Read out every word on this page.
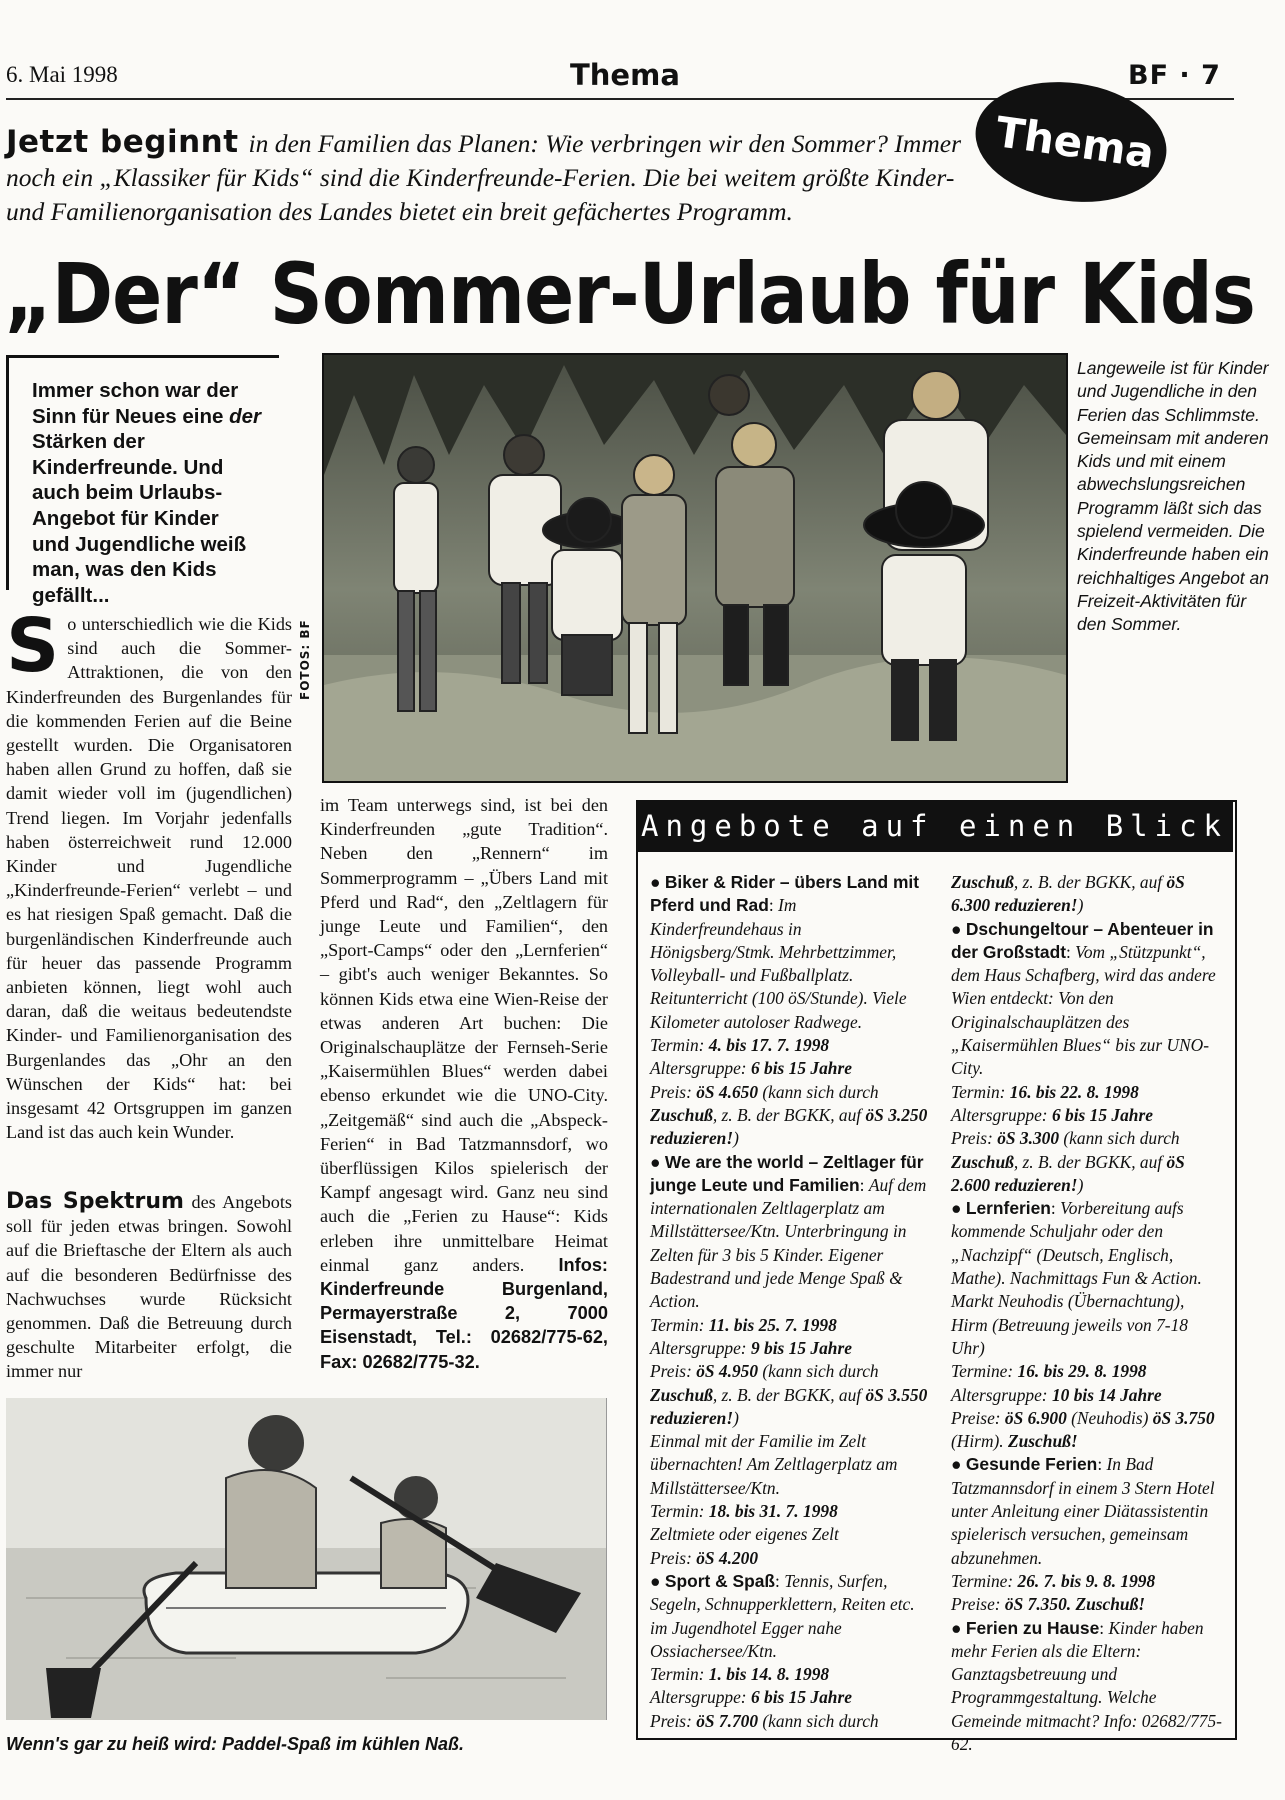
6. Mai 1998	Thema	BF · 7
Jetzt beginnt in den Familien das Planen: Wie verbringen wir den Sommer? Immer noch ein „Klassiker für Kids“ sind die Kinderfreunde-Ferien. Die bei weitem größte Kinder- und Familienorganisation des Landes bietet ein breit gefächertes Programm.
Thema
„Der“ Sommer-Urlaub für Kids
Immer schon war der Sinn für Neues eine der Stärken der Kinderfreunde. Und auch beim Urlaubs-Angebot für Kinder und Jugendliche weiß man, was den Kids gefällt...
FOTOS: BF
Langeweile ist für Kinder und Jugendliche in den Ferien das Schlimmste. Gemeinsam mit anderen Kids und mit einem abwechslungsreichen Programm läßt sich das spielend vermeiden. Die Kinderfreunde haben ein reichhaltiges Angebot an Freizeit-Aktivitäten für den Sommer.
So unterschiedlich wie die Kids sind auch die Sommer-Attraktionen, die von den Kinderfreunden des Burgenlandes für die kommenden Ferien auf die Beine gestellt wurden. Die Organisatoren haben allen Grund zu hoffen, daß sie damit wieder voll im (jugendlichen) Trend liegen. Im Vorjahr jedenfalls haben österreichweit rund 12.000 Kinder und Jugendliche „Kinderfreunde-Ferien“ verlebt – und es hat riesigen Spaß gemacht. Daß die burgenländischen Kinderfreunde auch für heuer das passende Programm anbieten können, liegt wohl auch daran, daß die weitaus bedeutendste Kinder- und Familienorganisation des Burgenlandes das „Ohr an den Wünschen der Kids“ hat: bei insgesamt 42 Ortsgruppen im ganzen Land ist das auch kein Wunder.
Das Spektrum des Angebots soll für jeden etwas bringen. Sowohl auf die Brieftasche der Eltern als auch auf die besonderen Bedürfnisse des Nachwuchses wurde Rücksicht genommen. Daß die Betreuung durch geschulte Mitarbeiter erfolgt, die immer nur
im Team unterwegs sind, ist bei den Kinderfreunden „gute Tradition“. Neben den „Rennern“ im Sommerprogramm – „Übers Land mit Pferd und Rad“, den „Zeltlagern für junge Leute und Familien“, den „Sport-Camps“ oder den „Lernferien“ – gibt's auch weniger Bekanntes. So können Kids etwa eine Wien-Reise der etwas anderen Art buchen: Die Originalschauplätze der Fernseh-Serie „Kaisermühlen Blues“ werden dabei ebenso erkundet wie die UNO-City. „Zeitgemäß“ sind auch die „Abspeck-Ferien“ in Bad Tatzmannsdorf, wo überflüssigen Kilos spielerisch der Kampf angesagt wird. Ganz neu sind auch die „Ferien zu Hause“: Kids erleben ihre unmittelbare Heimat einmal ganz anders. Infos: Kinderfreunde Burgenland, Permayerstraße 2, 7000 Eisenstadt, Tel.: 02682/775-62, Fax: 02682/775-32.
Angebote auf einen Blick
● Biker & Rider – übers Land mit Pferd und Rad: Im Kinderfreundehaus in Hönigsberg/Stmk. Mehrbettzimmer, Volleyball- und Fußballplatz. Reitunterricht (100 öS/Stunde). Viele Kilometer autoloser Radwege.
Termin: 4. bis 17. 7. 1998
Altersgruppe: 6 bis 15 Jahre
Preis: öS 4.650 (kann sich durch Zuschuß, z. B. der BGKK, auf öS 3.250 reduzieren!)
● We are the world – Zeltlager für junge Leute und Familien: Auf dem internationalen Zeltlagerplatz am Millstättersee/Ktn. Unterbringung in Zelten für 3 bis 5 Kinder. Eigener Badestrand und jede Menge Spaß & Action.
Termin: 11. bis 25. 7. 1998
Altersgruppe: 9 bis 15 Jahre
Preis: öS 4.950 (kann sich durch Zuschuß, z. B. der BGKK, auf öS 3.550 reduzieren!)
Einmal mit der Familie im Zelt übernachten! Am Zeltlagerplatz am Millstättersee/Ktn.
Termin: 18. bis 31. 7. 1998
Zeltmiete oder eigenes Zelt
Preis: öS 4.200
● Sport & Spaß: Tennis, Surfen, Segeln, Schnupperklettern, Reiten etc. im Jugendhotel Egger nahe Ossiachersee/Ktn.
Termin: 1. bis 14. 8. 1998
Altersgruppe: 6 bis 15 Jahre
Preis: öS 7.700 (kann sich durch
Zuschuß, z. B. der BGKK, auf öS 6.300 reduzieren!)
● Dschungeltour – Abenteuer in der Großstadt: Vom „Stützpunkt“, dem Haus Schafberg, wird das andere Wien entdeckt: Von den Originalschauplätzen des „Kaisermühlen Blues“ bis zur UNO-City.
Termin: 16. bis 22. 8. 1998
Altersgruppe: 6 bis 15 Jahre
Preis: öS 3.300 (kann sich durch Zuschuß, z. B. der BGKK, auf öS 2.600 reduzieren!)
● Lernferien: Vorbereitung aufs kommende Schuljahr oder den „Nachzipf“ (Deutsch, Englisch, Mathe). Nachmittags Fun & Action. Markt Neuhodis (Übernachtung), Hirm (Betreuung jeweils von 7-18 Uhr)
Termine: 16. bis 29. 8. 1998
Altersgruppe: 10 bis 14 Jahre
Preise: öS 6.900 (Neuhodis) öS 3.750 (Hirm). Zuschuß!
● Gesunde Ferien: In Bad Tatzmannsdorf in einem 3 Stern Hotel unter Anleitung einer Diätassistentin spielerisch versuchen, gemeinsam abzunehmen.
Termine: 26. 7. bis 9. 8. 1998
Preise: öS 7.350. Zuschuß!
● Ferien zu Hause: Kinder haben mehr Ferien als die Eltern: Ganztagsbetreuung und Programmgestaltung. Welche Gemeinde mitmacht? Info: 02682/775-62.
Wenn's gar zu heiß wird: Paddel-Spaß im kühlen Naß.
